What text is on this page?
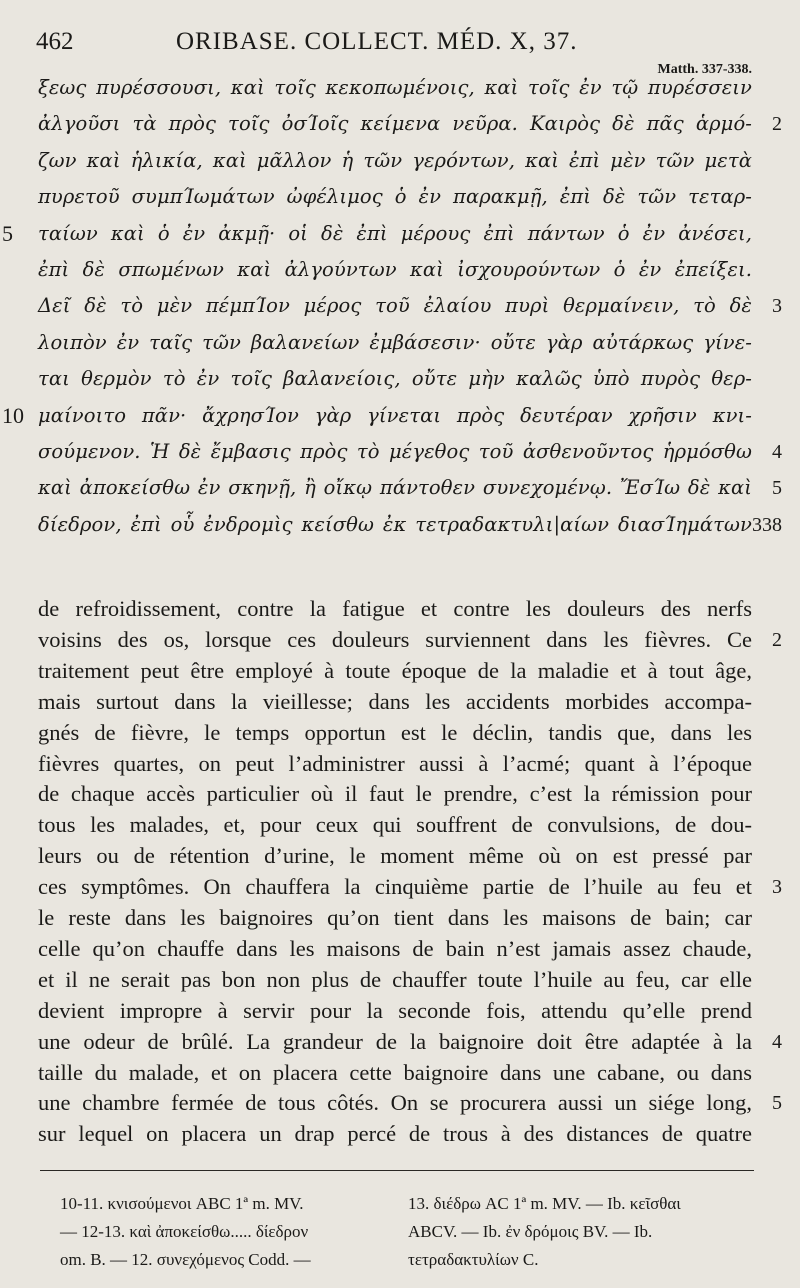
462	ORIBASE. COLLECT. MÉD. X, 37.
Matth. 337-338.
ξεως πυρέσσουσι, καὶ τοῖς κεκοπωμένοις, καὶ τοῖς ἐν τῷ πυρέσσειν
ἀλγοῦσι τὰ πρὸς τοῖς ὀσΊοῖς κείμενα νεῦρα. Καιρὸς δὲ πᾶς ἁρμό- 2
ζων καὶ ἡλικία, καὶ μᾶλλον ἡ τῶν γερόντων, καὶ ἐπὶ μὲν τῶν μετὰ
πυρετοῦ συμπΊωμάτων ὠφέλιμος ὁ ἐν παρακμῇ, ἐπὶ δὲ τῶν τεταρ-
5 ταίων καὶ ὁ ἐν ἀκμῇ· οἱ δὲ ἐπὶ μέρους ἐπὶ πάντων ὁ ἐν ἀνέσει,
ἐπὶ δὲ σπωμένων καὶ ἀλγούντων καὶ ἰσχουρούντων ὁ ἐν ἐπείξει.
Δεῖ δὲ τὸ μὲν πέμπΊον μέρος τοῦ ἐλαίου πυρὶ θερμαίνειν, τὸ δὲ 3
λοιπὸν ἐν ταῖς τῶν βαλανείων ἐμβάσεσιν· οὔτε γὰρ αὐτάρκως γίνε-
ται θερμὸν τὸ ἐν τοῖς βαλανείοις, οὔτε μὴν καλῶς ὑπὸ πυρὸς θερ-
10 μαίνοιτο πᾶν· ἄχρησΊον γὰρ γίνεται πρὸς δευτέραν χρῆσιν κνι-
σούμενον. Ἡ δὲ ἔμβασις πρὸς τὸ μέγεθος τοῦ ἀσθενοῦντος ἡρμόσθω 4
καὶ ἀποκείσθω ἐν σκηνῇ, ἢ οἴκῳ πάντοθεν συνεχομένῳ. ἜσΊω δὲ καὶ 5
δίεδρον, ἐπὶ οὗ ἐνδρομὶς κείσθω ἐκ τετραδακτυλι|αίων διασΊημάτων 338
de refroidissement, contre la fatigue et contre les douleurs des nerfs
voisins des os, lorsque ces douleurs surviennent dans les fièvres. Ce 2
traitement peut être employé à toute époque de la maladie et à tout âge,
mais surtout dans la vieillesse; dans les accidents morbides accompa-
gnés de fièvre, le temps opportun est le déclin, tandis que, dans les
fièvres quartes, on peut l’administrer aussi à l’acmé; quant à l’époque
de chaque accès particulier où il faut le prendre, c’est la rémission pour
tous les malades, et, pour ceux qui souffrent de convulsions, de dou-
leurs ou de rétention d’urine, le moment même où on est pressé par
ces symptômes. On chauffera la cinquième partie de l’huile au feu et 3
le reste dans les baignoires qu’on tient dans les maisons de bain; car
celle qu’on chauffe dans les maisons de bain n’est jamais assez chaude,
et il ne serait pas bon non plus de chauffer toute l’huile au feu, car elle
devient impropre à servir pour la seconde fois, attendu qu’elle prend
une odeur de brûlé. La grandeur de la baignoire doit être adaptée à la 4
taille du malade, et on placera cette baignoire dans une cabane, ou dans
une chambre fermée de tous côtés. On se procurera aussi un siége long, 5
sur lequel on placera un drap percé de trous à des distances de quatre
10-11. κνισούμενοι ABC 1ª m. MV.
— 12-13. καὶ ἀποκείσθω..... δίεδρον
om. B. — 12. συνεχόμενος Codd. —
13. διέδρω AC 1ª m. MV. — Ib. κεῖσθαι
ABCV. — Ib. ἐν δρόμοις BV. — Ib.
τετραδακτυλίων C.
